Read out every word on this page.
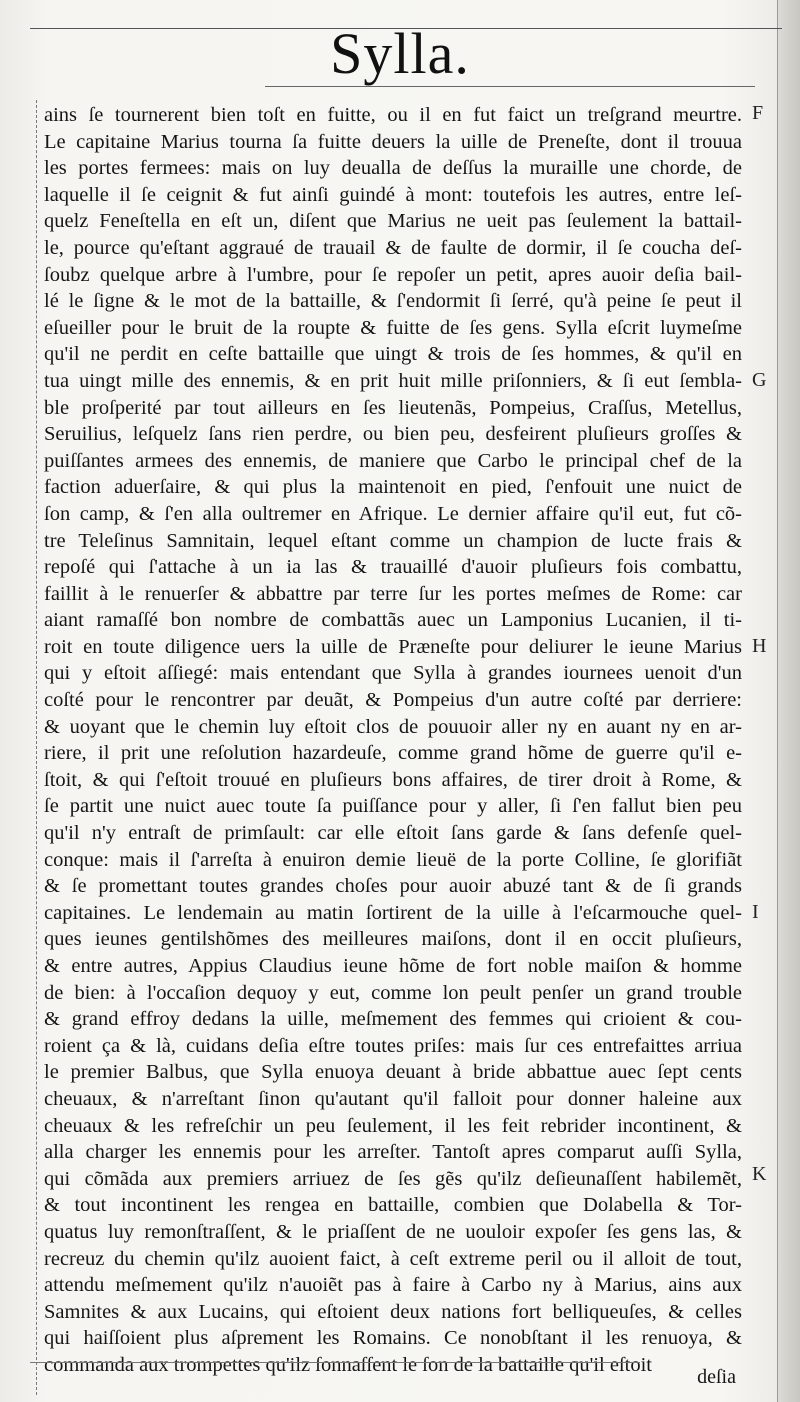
Sylla.
ains ſe tournerent bien toſt en fuitte, ou il en fut faict un treſgrand meurtre.
Le capitaine Marius tourna ſa fuitte deuers la uille de Preneſte, dont il trouua
les portes fermees: mais on luy deualla de deſſus la muraille une chorde, de
laquelle il ſe ceignit & fut ainſi guindé à mont: toutefois les autres, entre leſ-
quelz Feneſtella en eſt un, diſent que Marius ne ueit pas ſeulement la battail-
le, pource qu'eſtant aggraué de trauail & de faulte de dormir, il ſe coucha deſ-
ſoubz quelque arbre à l'umbre, pour ſe repoſer un petit, apres auoir deſia bail-
lé le ſigne & le mot de la battaille, & ſ'endormit ſi ſerré, qu'à peine ſe peut il
eſueiller pour le bruit de la roupte & fuitte de ſes gens. Sylla eſcrit luymeſme
qu'il ne perdit en ceſte battaille que uingt & trois de ſes hommes, & qu'il en
tua uingt mille des ennemis, & en prit huit mille priſonniers, & ſi eut ſembla-
ble proſperité par tout ailleurs en ſes lieutenãs, Pompeius, Craſſus, Metellus,
Seruilius, leſquelz ſans rien perdre, ou bien peu, desfeirent pluſieurs groſſes &
puiſſantes armees des ennemis, de maniere que Carbo le principal chef de la
faction aduerſaire, & qui plus la maintenoit en pied, ſ'enfouit une nuict de
ſon camp, & ſ'en alla oultremer en Afrique. Le dernier affaire qu'il eut, fut cõ-
tre Teleſinus Samnitain, lequel eſtant comme un champion de lucte frais &
repoſé qui ſ'attache à un ia las & trauaillé d'auoir pluſieurs fois combattu,
faillit à le renuerſer & abbattre par terre ſur les portes meſmes de Rome: car
aiant ramaſſé bon nombre de combattãs auec un Lamponius Lucanien, il ti-
roit en toute diligence uers la uille de Præneſte pour deliurer le ieune Marius
qui y eſtoit aſſiegé: mais entendant que Sylla à grandes iournees uenoit d'un
coſté pour le rencontrer par deuãt, & Pompeius d'un autre coſté par derriere:
& uoyant que le chemin luy eſtoit clos de pouuoir aller ny en auant ny en ar-
riere, il prit une reſolution hazardeuſe, comme grand hõme de guerre qu'il e-
ſtoit, & qui ſ'eſtoit trouué en pluſieurs bons affaires, de tirer droit à Rome, &
ſe partit une nuict auec toute ſa puiſſance pour y aller, ſi ſ'en fallut bien peu
qu'il n'y entraſt de primſault: car elle eſtoit ſans garde & ſans defenſe quel-
conque: mais il ſ'arreſta à enuiron demie lieuë de la porte Colline, ſe glorifiãt
& ſe promettant toutes grandes choſes pour auoir abuzé tant & de ſi grands
capitaines. Le lendemain au matin ſortirent de la uille à l'eſcarmouche quel-
ques ieunes gentilshõmes des meilleures maiſons, dont il en occit pluſieurs,
& entre autres, Appius Claudius ieune hõme de fort noble maiſon & homme
de bien: à l'occaſion dequoy y eut, comme lon peult penſer un grand trouble
& grand effroy dedans la uille, meſmement des femmes qui crioient & cou-
roient ça & là, cuidans deſia eſtre toutes priſes: mais ſur ces entrefaittes arriua
le premier Balbus, que Sylla enuoya deuant à bride abbattue auec ſept cents
cheuaux, & n'arreſtant ſinon qu'autant qu'il falloit pour donner haleine aux
cheuaux & les refreſchir un peu ſeulement, il les feit rebrider incontinent, &
alla charger les ennemis pour les arreſter. Tantoſt apres comparut auſſi Sylla,
qui cõmãda aux premiers arriuez de ſes gẽs qu'ilz deſieunaſſent habilemẽt,
& tout incontinent les rengea en battaille, combien que Dolabella & Tor-
quatus luy remonſtraſſent, & le priaſſent de ne uouloir expoſer ſes gens las, &
recreuz du chemin qu'ilz auoient faict, à ceſt extreme peril ou il alloit de tout,
attendu meſmement qu'ilz n'auoiẽt pas à faire à Carbo ny à Marius, ains aux
Samnites & aux Lucains, qui eſtoient deux nations fort belliqueuſes, & celles
qui haiſſoient plus aſprement les Romains. Ce nonobſtant il les renuoya, &
commanda aux trompettes qu'ilz ſonnaſſent le ſon de la battaille qu'il eſtoit
F
G
H
I
K
deſia
